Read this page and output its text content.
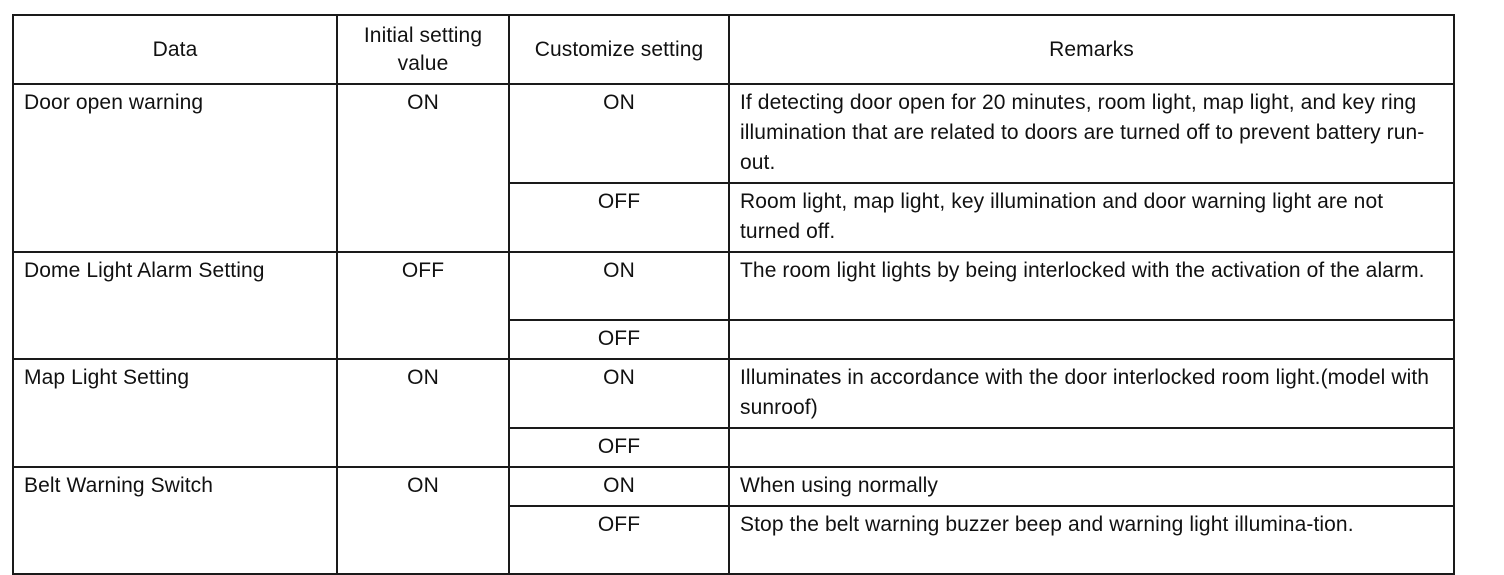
Data	Initial setting value	Customize setting	Remarks
Door open warning	ON	ON	If detecting door open for 20 minutes, room light, map light, and key ring illumination that are related to doors are turned off to prevent battery run-out.
		OFF	Room light, map light, key illumination and door warning light are not turned off.
Dome Light Alarm Setting	OFF	ON	The room light lights by being interlocked with the activation of the alarm.
		OFF	
Map Light Setting	ON	ON	Illuminates in accordance with the door interlocked room light.(model with sunroof)
		OFF	
Belt Warning Switch	ON	ON	When using normally
		OFF	Stop the belt warning buzzer beep and warning light illumina-tion.
